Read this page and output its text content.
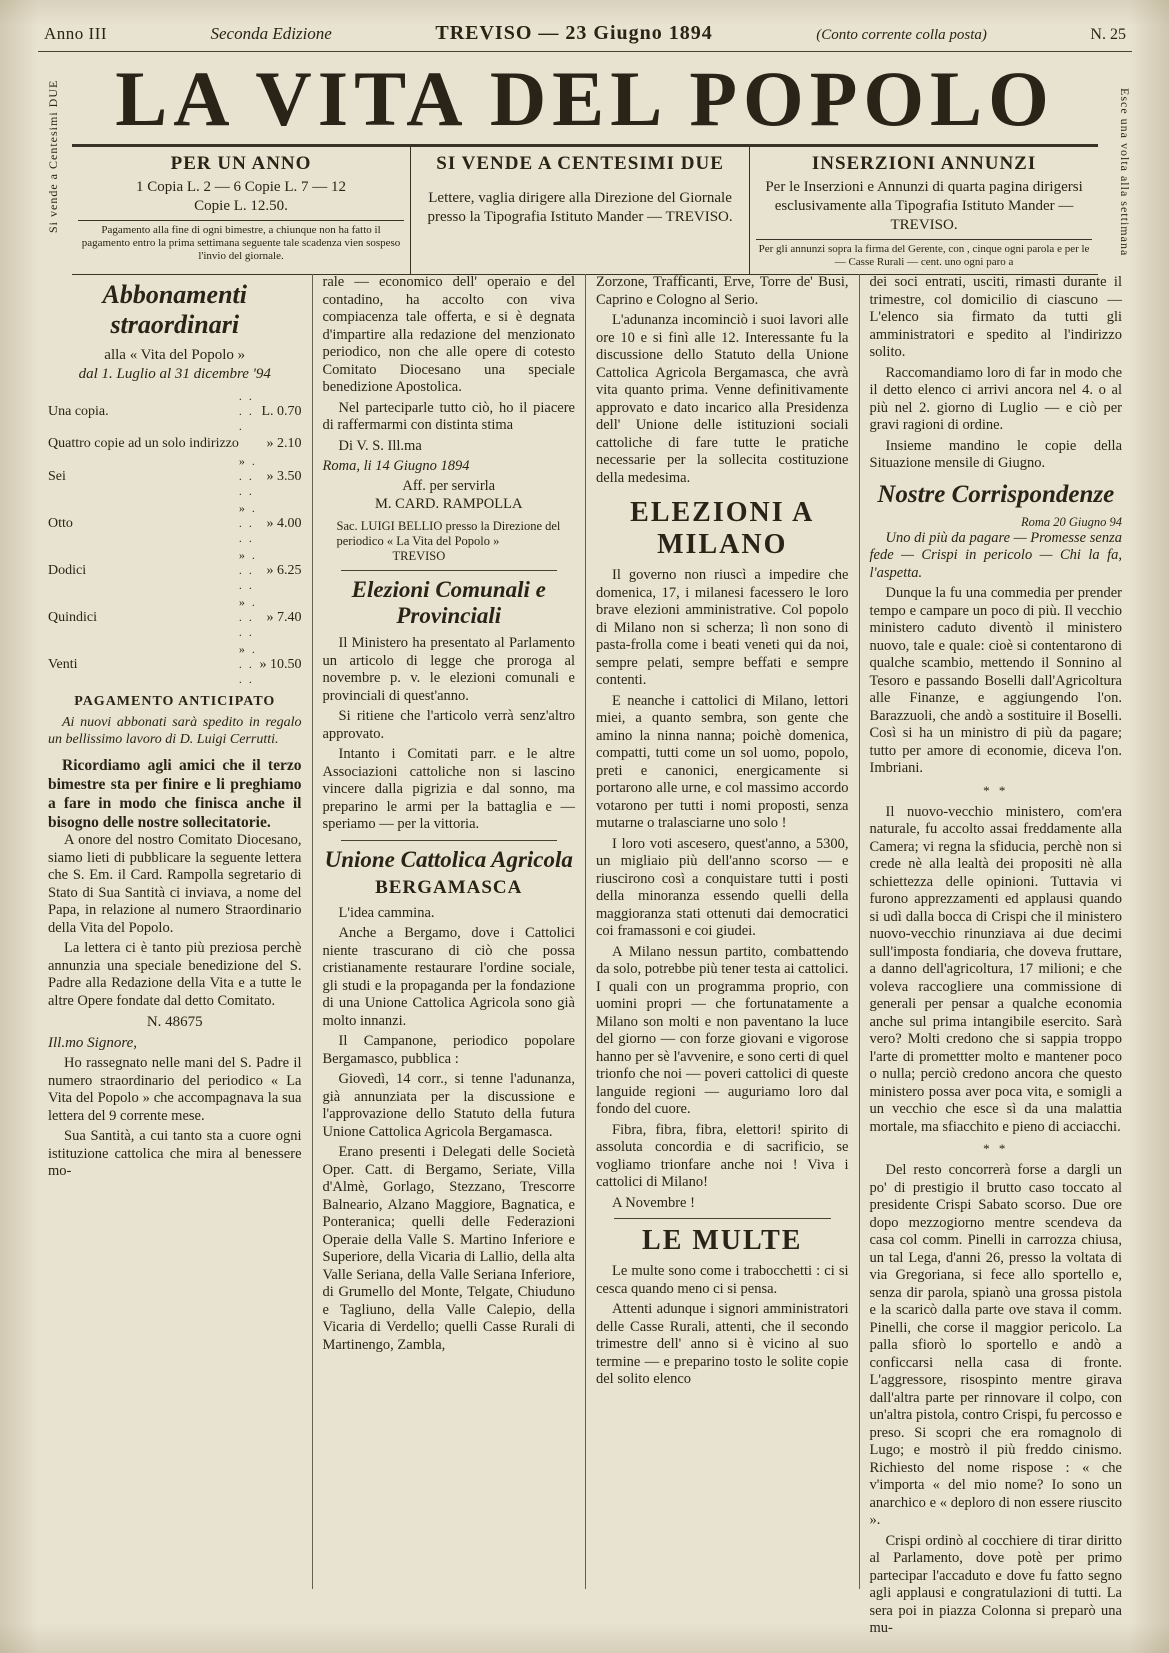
Anno III	Seconda Edizione	TREVISO — 23 Giugno 1894	(Conto corrente colla posta)	N. 25
Si vende a Centesimi DUE	Esce una volta alla settimana
LA VITA DEL POPOLO
PER UN ANNO
1 Copia L. 2 — 6 Copie L. 7 — 12
Copie L. 12.50.
Pagamento alla fine di ogni bimestre, a chiunque non ha fatto il pagamento entro la prima settimana seguente tale scadenza vien sospeso l'invio del giornale.
SI VENDE A CENTESIMI DUE
Lettere, vaglia dirigere alla Direzione del Giornale presso la Tipografia Istituto Mander — TREVISO.
INSERZIONI ANNUNZI
Per le Inserzioni e Annunzi di quarta pagina dirigersi esclusivamente alla Tipografia Istituto Mander — TREVISO.
Per gli annunzi sopra la firma del Gerente, con , cinque ogni parola e per le — Casse Rurali — cent. uno ogni paro a
Abbonamenti straordinari
alla « Vita del Popolo »
dal 1. Luglio al 31 dicembre '94
Una copia.	. . . . .	L. 0.70
Quattro copie ad un solo indirizzo		» 2.10
Sei	» . . . . .	» 3.50
Otto	» . . . . .	» 4.00
Dodici	» . . . . .	» 6.25
Quindici	» . . . . .	» 7.40
Venti	» . . . . .	» 10.50
PAGAMENTO ANTICIPATO
Ai nuovi abbonati sarà spedito in regalo un bellissimo lavoro di D. Luigi Cerrutti.
Ricordiamo agli amici che il terzo bimestre sta per finire e li preghiamo a fare in modo che finisca anche il bisogno delle nostre sollecitatorie.

A onore del nostro Comitato Diocesano, siamo lieti di pubblicare la seguente lettera che S. Em. il Card. Rampolla segretario di Stato di Sua Santità ci inviava, a nome del Papa, in relazione al numero Straordinario della Vita del Popolo.

La lettera ci è tanto più preziosa perchè annunzia una speciale benedizione del S. Padre alla Redazione della Vita e a tutte le altre Opere fondate dal detto Comitato.

N. 48675
Ill.mo Signore,

Ho rassegnato nelle mani del S. Padre il numero straordinario del periodico « La Vita del Popolo » che accompagnava la sua lettera del 9 corrente mese.

Sua Santità, a cui tanto sta a cuore ogni istituzione cattolica che mira al benessere mo-

rale — economico dell' operaio e del contadino, ha accolto con viva compiacenza tale offerta, e si è degnata d'impartire alla redazione del menzionato periodico, non che alle opere di cotesto Comitato Diocesano una speciale benedizione Apostolica.

Nel parteciparle tutto ciò, ho il piacere di raffermarmi con distinta stima

Di V. S. Ill.ma

Roma, li 14 Giugno 1894
Aff. per servirla
M. CARD. RAMPOLLA
Sac. LUIGI BELLIO presso la Direzione del periodico « La Vita del Popolo »
TREVISO
Elezioni Comunali e Provinciali

Il Ministero ha presentato al Parlamento un articolo di legge che proroga al novembre p. v. le elezioni comunali e provinciali di quest'anno.

Si ritiene che l'articolo verrà senz'altro approvato.

Intanto i Comitati parr. e le altre Associazioni cattoliche non si lascino vincere dalla pigrizia e dal sonno, ma preparino le armi per la battaglia e — speriamo — per la vittoria.

Unione Cattolica Agricola
BERGAMASCA

L'idea cammina.

Anche a Bergamo, dove i Cattolici niente trascurano di ciò che possa cristianamente restaurare l'ordine sociale, gli studi e la propaganda per la fondazione di una Unione Cattolica Agricola sono già molto innanzi.

Il Campanone, periodico popolare Bergamasco, pubblica :

Giovedì, 14 corr., si tenne l'adunanza, già annunziata per la discussione e l'approvazione dello Statuto della futura Unione Cattolica Agricola Bergamasca.

Erano presenti i Delegati delle Società Oper. Catt. di Bergamo, Seriate, Villa d'Almè, Gorlago, Stezzano, Trescorre Balneario, Alzano Maggiore, Bagnatica, e Ponteranica; quelli delle Federazioni Operaie della Valle S. Martino Inferiore e Superiore, della Vicaria di Lallio, della alta Valle Seriana, della Valle Seriana Inferiore, di Grumello del Monte, Telgate, Chiuduno e Tagliuno, della Valle Calepio, della Vicaria di Verdello; quelli Casse Rurali di Martinengo, Zambla,

Zorzone, Trafficanti, Erve, Torre de' Busi, Caprino e Cologno al Serio.

L'adunanza incominciò i suoi lavori alle ore 10 e si finì alle 12. Interessante fu la discussione dello Statuto della Unione Cattolica Agricola Bergamasca, che avrà vita quanto prima. Venne definitivamente approvato e dato incarico alla Presidenza dell' Unione delle istituzioni sociali cattoliche di fare tutte le pratiche necessarie per la sollecita costituzione della medesima.

ELEZIONI A MILANO

Il governo non riuscì a impedire che domenica, 17, i milanesi facessero le loro brave elezioni amministrative. Col popolo di Milano non si scherza; lì non sono di pasta-frolla come i beati veneti qui da noi, sempre pelati, sempre beffati e sempre contenti.

E neanche i cattolici di Milano, lettori miei, a quanto sembra, son gente che amino la ninna nanna; poichè domenica, compatti, tutti come un sol uomo, popolo, preti e canonici, energicamente si portarono alle urne, e col massimo accordo votarono per tutti i nomi proposti, senza mutarne o tralasciarne uno solo !

I loro voti ascesero, quest'anno, a 5300, un migliaio più dell'anno scorso — e riuscirono così a conquistare tutti i posti della minoranza essendo quelli della maggioranza stati ottenuti dai democratici coi framassoni e coi giudei.

A Milano nessun partito, combattendo da solo, potrebbe più tener testa ai cattolici. I quali con un programma proprio, con uomini propri — che fortunatamente a Milano son molti e non paventano la luce del giorno — con forze giovani e vigorose hanno per sè l'avvenire, e sono certi di quel trionfo che noi — poveri cattolici di queste languide regioni — auguriamo loro dal fondo del cuore.

Fibra, fibra, fibra, elettori! spirito di assoluta concordia e di sacrificio, se vogliamo trionfare anche noi ! Viva i cattolici di Milano!

A Novembre !

LE MULTE

Le multe sono come i trabocchetti : ci si cesca quando meno ci si pensa.

Attenti adunque i signori amministratori delle Casse Rurali, attenti, che il secondo trimestre dell' anno si è vicino al suo termine — e preparino tosto le solite copie del solito elenco

dei soci entrati, usciti, rimasti durante il trimestre, col domicilio di ciascuno — L'elenco sia firmato da tutti gli amministratori e spedito al l'indirizzo solito.

Raccomandiamo loro di far in modo che il detto elenco ci arrivi ancora nel 4. o al più nel 2. giorno di Luglio — e ciò per gravi ragioni di ordine.

Insieme mandino le copie della Situazione mensile di Giugno.

Nostre Corrispondenze
Roma 20 Giugno 94

Uno di più da pagare — Promesse senza fede — Crispi in pericolo — Chi la fa, l'aspetta.

Dunque la fu una commedia per prender tempo e campare un poco di più. Il vecchio ministero caduto diventò il ministero nuovo, tale e quale: cioè si contentarono di qualche scambio, mettendo il Sonnino al Tesoro e passando Boselli dall'Agricoltura alle Finanze, e aggiungendo l'on. Barazzuoli, che andò a sostituire il Boselli. Così si ha un ministro di più da pagare; tutto per amore di economie, diceva l'on. Imbriani.

* *

Il nuovo-vecchio ministero, com'era naturale, fu accolto assai freddamente alla Camera; vi regna la sfiducia, perchè non si crede nè alla lealtà dei propositi nè alla schiettezza delle opinioni. Tuttavia vi furono apprezzamenti ed applausi quando si udì dalla bocca di Crispi che il ministero nuovo-vecchio rinunziava ai due decimi sull'imposta fondiaria, che doveva fruttare, a danno dell'agricoltura, 17 milioni; e che voleva raccogliere una commissione di generali per pensar a qualche economia anche sul prima intangibile esercito. Sarà vero? Molti credono che si sappia troppo l'arte di promettter molto e mantener poco o nulla; perciò credono ancora che questo ministero possa aver poca vita, e somigli a un vecchio che esce sì da una malattia mortale, ma sfiacchito e pieno di acciacchi.

* *

Del resto concorrerà forse a dargli un po' di prestigio il brutto caso toccato al presidente Crispi Sabato scorso. Due ore dopo mezzogiorno mentre scendeva da casa col comm. Pinelli in carrozza chiusa, un tal Lega, d'anni 26, presso la voltata di via Gregoriana, si fece allo sportello e, senza dir parola, spianò una grossa pistola e la scaricò dalla parte ove stava il comm. Pinelli, che corse il maggior pericolo. La palla sfiorò lo sportello e andò a conficcarsi nella casa di fronte. L'aggressore, risospinto mentre girava dall'altra parte per rinnovare il colpo, con un'altra pistola, contro Crispi, fu percosso e preso. Si scopri che era romagnolo di Lugo; e mostrò il più freddo cinismo. Richiesto del nome rispose : « che v'importa « del mio nome? Io sono un anarchico e « deploro di non essere riuscito ».

Crispi ordinò al cocchiere di tirar diritto al Parlamento, dove potè per primo partecipar l'accaduto e dove fu fatto segno agli applausi e congratulazioni di tutti. La sera poi in piazza Colonna si preparò una mu-
